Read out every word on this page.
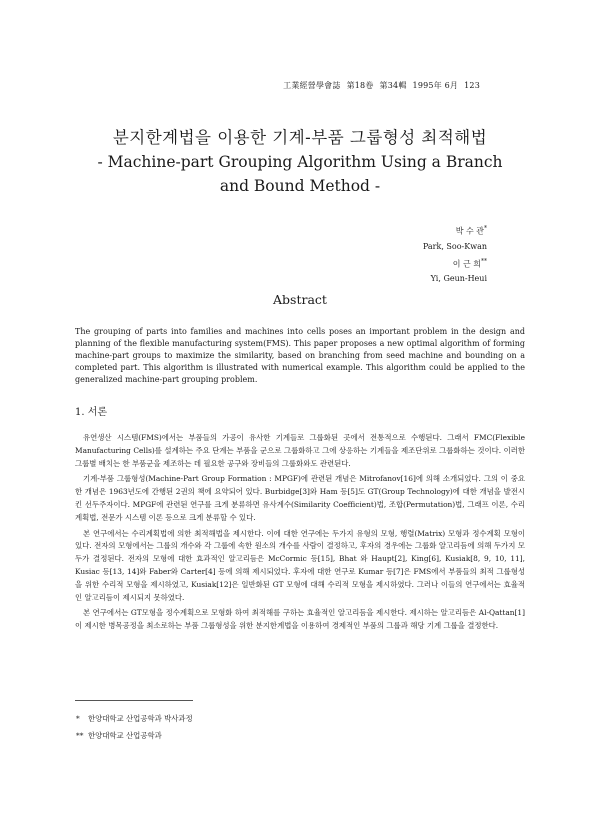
工業經營學會誌 第18卷 第34輯 1995年 6月 123
분지한계법을 이용한 기계-부품 그룹형성 최적해법
- Machine-part Grouping Algorithm Using a Branch
and Bound Method -
박 수 관*
Park, Soo-Kwan
이 근 희**
Yi, Geun-Heui
Abstract
The grouping of parts into families and machines into cells poses an important problem in the design and planning of the flexible manufacturing system(FMS). This paper proposes a new optimal algorithm of forming machine-part groups to maximize the similarity, based on branching from seed machine and bounding on a completed part. This algorithm is illustrated with numerical example. This algorithm could be applied to the generalized machine-part grouping problem.
1. 서론

유연생산 시스템(FMS)에서는 부품들의 가공이 유사한 기계들로 그룹화된 곳에서 전통적으로 수행된다. 그래서 FMC(Flexible Manufacturing Cells)를 설계하는 주요 단계는 부품을 군으로 그룹화하고 그에 상응하는 기계들을 제조단위로 그룹화하는 것이다. 이러한 그룹별 배치는 한 부품군을 제조하는 데 필요한 공구와 장비들의 그룹화와도 관련된다.

기계-부품 그룹형성(Machine-Part Group Formation : MPGF)에 관련된 개념은 Mitrofanov[16]에 의해 소개되었다. 그의 이 중요한 개념은 1963년도에 간행된 2권의 책에 요약되어 있다. Burbidge[3]와 Ham 등[5]도 GT(Group Technology)에 대한 개념을 발전시킨 선두주자이다. MPGF에 관련된 연구를 크게 분류하면 유사계수(Similarity Coefficient)법, 조합(Permutation)법, 그래프 이론, 수리계획법, 전문가 시스템 이론 등으로 크게 분류할 수 있다.

본 연구에서는 수리계획법에 의한 최적해법을 제시한다. 이에 대한 연구에는 두가지 유형의 모형, 행렬(Matrix) 모형과 정수계획 모형이 있다. 전자의 모형에서는 그룹의 개수와 각 그룹에 속한 원소의 개수를 사람이 결정하고, 후자의 경우에는 그룹화 알고리듬에 의해 두가지 모두가 결정된다. 전자의 모형에 대한 효과적인 알고리듬은 McCormic 등[15], Bhat 와 Haupt[2], King[6], Kusiak[8, 9, 10, 11], Kusiac 등[13, 14]와 Faber와 Carter[4] 등에 의해 제시되었다. 후자에 대한 연구로 Kumar 등[7]은 FMS에서 부품들의 최적 그룹형성을 위한 수리적 모형을 제시하였고, Kusiak[12]은 일반화된 GT 모형에 대해 수리적 모형을 제시하였다. 그러나 이들의 연구에서는 효율적인 알고리듬이 제시되지 못하였다.

본 연구에서는 GT모형을 정수계획으로 모형화 하여 최적해를 구하는 효율적인 알고리듬을 제시한다. 제시하는 알고리듬은 Al-Qattan[1]이 제시한 병목공정을 최소로하는 부품 그룹형성을 위한 분지한계법을 이용하여 경제적인 부품의 그룹과 해당 기계 그룹을 결정한다.

* 한양대학교 산업공학과 박사과정
** 한양대학교 산업공학과
